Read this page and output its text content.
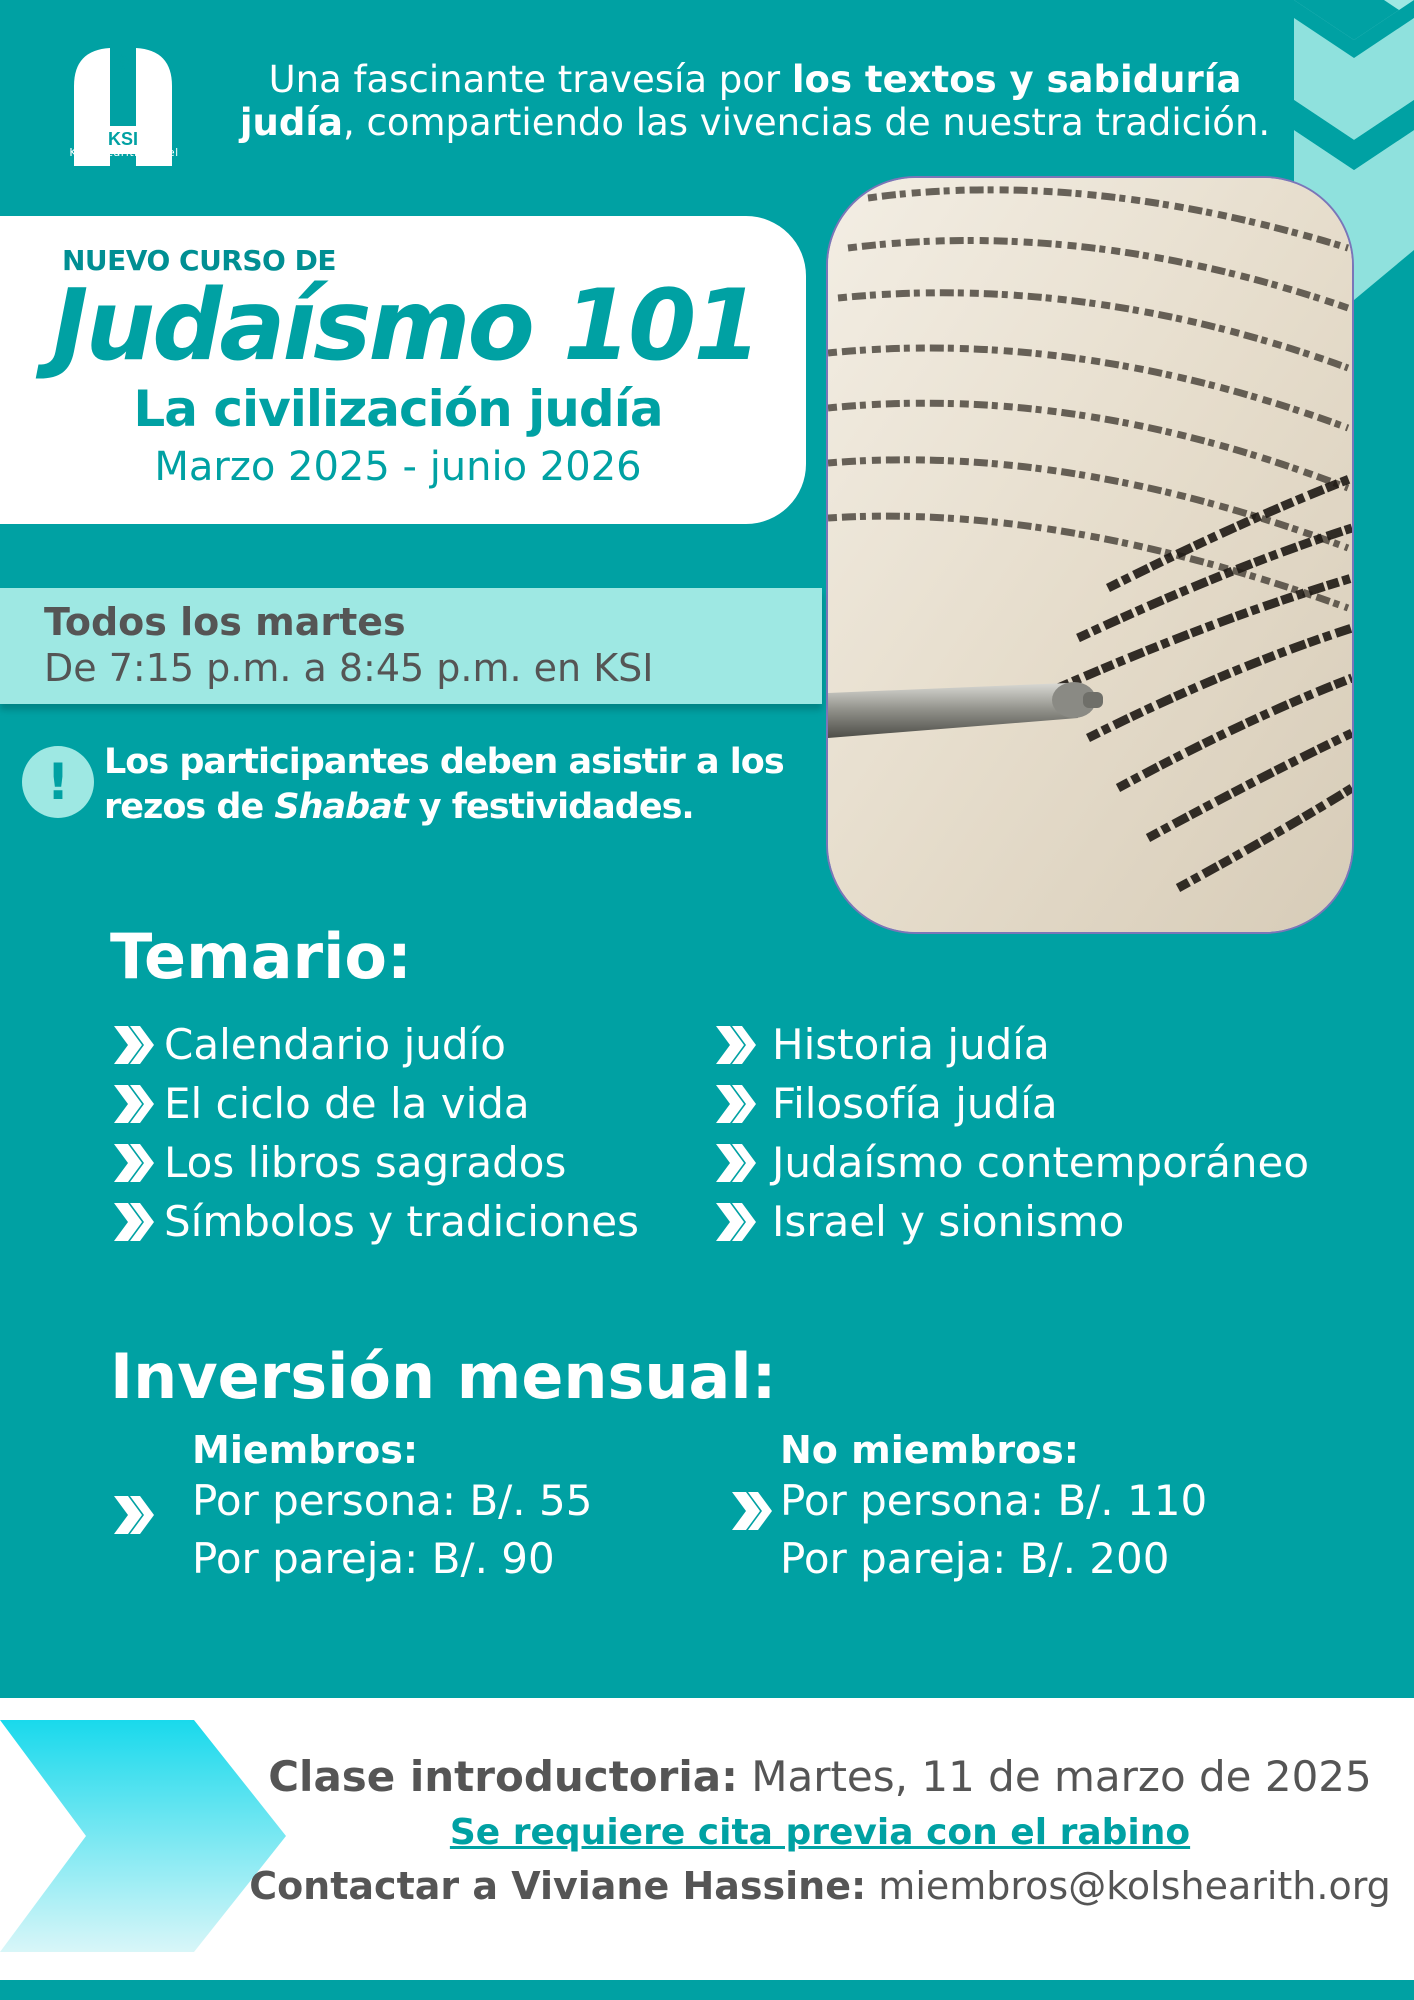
KSI
Kol Shearith Israel
Una fascinante travesía por los textos y sabiduría judía, compartiendo las vivencias de nuestra tradición.
NUEVO CURSO DE
Judaísmo 101
La civilización judía
Marzo 2025 - junio 2026
Todos los martes
De 7:15 p.m. a 8:45 p.m. en KSI
! Los participantes deben asistir a los
rezos de Shabat y festividades.
Temario:
Calendario judío
El ciclo de la vida
Los libros sagrados
Símbolos y tradiciones
Historia judía
Filosofía judía
Judaísmo contemporáneo
Israel y sionismo
Inversión mensual:
Miembros:
Por persona: B/. 55
Por pareja: B/. 90
No miembros:
Por persona: B/. 110
Por pareja: B/. 200
Clase introductoria: Martes, 11 de marzo de 2025
Se requiere cita previa con el rabino
Contactar a Viviane Hassine: miembros@kolshearith.org
